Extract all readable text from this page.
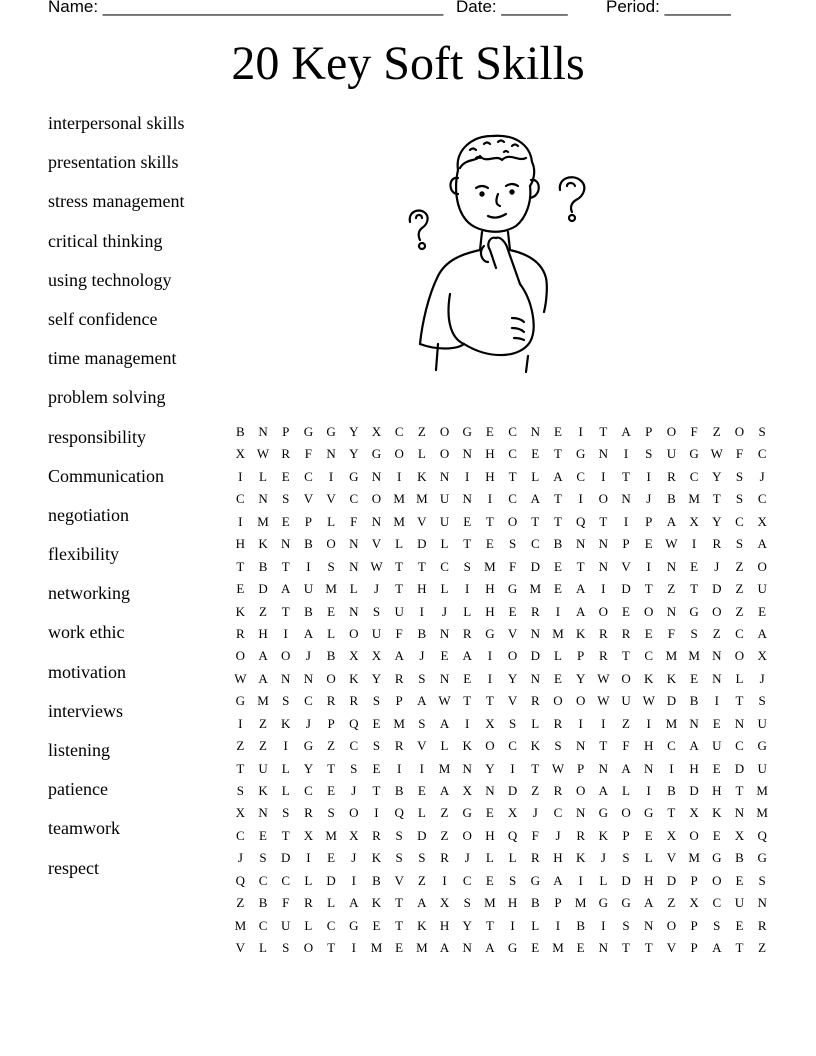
Name: ____________________________________ Date: _______ Period: _______
20 Key Soft Skills
interpersonal skills
presentation skills
stress management
critical thinking
using technology
self confidence
time management
problem solving
responsibility
Communication
negotiation
flexibility
networking
work ethic
motivation
interviews
listening
patience
teamwork
respect
B	N	P	G	G	Y	X	C	Z	O	G	E	C	N	E	I	T	A	P	O	F	Z	O	S
X W R	F	N	Y	G	O	L	O	N	H	C	E	T	G	N	I	S	U	G W F	C
I	L	E	C	I	G	N	I	K	N	I	H	T	L	A	C	I	T	I	R	C	Y	S	J
C	N	S	V	V	C	O M M U	N	I	C	A	T	I	O	N	J	B M T	S	C
I	M E	P	L	F	N M V	U	E	T	O	T	T	Q	T	I	P	A	X	Y	C	X
H	K	N	B	O	N	V	L	D	L	T	E	S	C	B	N	N	P	E W	I	R	S	A
T	B	T	I	S	N W T	T	C	S	M	F	D	E	T	N	V	I	N	E	J	Z	O
E	D	A	U M L	J	T	H	L	I	H	G M E	A	I	D	T	Z	T	D	Z	U
K	Z	T	B	E	N	S	U	I	J	L	H	E	R	I	A	O	E	O	N	G	O	Z	E
R	H	I	A	L	O	U	F	B	N	R	G	V	N M K	R	R	E	F	S	Z	C	A
O	A	O	J	B	X	X	A	J	E	A	I	O	D	L	P	R	T	C M M N	O	X
W A	N	N	O	K	Y	R	S	N	E	I	Y	N	E	Y W O	K	K	E	N	L	J
G M	S	C	R	R	S	P	A W T	T	V	R	O	O W U W D	B	I	T	S
I	Z	K	J	P	Q	E M	S	A	I	X	S	L	R	I	I	Z	I	M N	E	N	U
Z	Z	I	G	Z	C	S	R	V	L	K	O	C	K	S	N	T	F	H	C	A	U	C	G
T	U	L	Y	T	S	E	I	I	M N	Y	I	T W P	N	A	N	I	H	E	D	U
S	K	L	C	E	J	T	B	E	A	X	N	D	Z	R	O	A	L	I	B	D	H	T M
X	N	S	R	S	O	I	Q	L	Z	G	E	X	J	C	N	G	O	G	T	X	K	N M
C	E	T	X M X	R	S	D	Z	O	H	Q	F	J	R	K	P	E	X	O	E	X	Q
J	S	D	I	E	J	K	S	S	R	J	L	L	R	H	K	J	S	L	V M G	B	G
Q	C	C	L	D	I	B	V	Z	I	C	E	S	G	A	I	L	D	H	D	P	O	E	S
Z	B	F	R	L	A	K	T	A	X	S	M H	B	P	M G	G	A	Z	X	C	U	N
M C	U	L	C	G	E	T	K	H	Y	T	I	L	I	B	I	S	N	O	P	S	E	R
V	L	S	O	T	I	M E M A	N	A	G	E M E	N	T	T	V	P	A	T	Z
